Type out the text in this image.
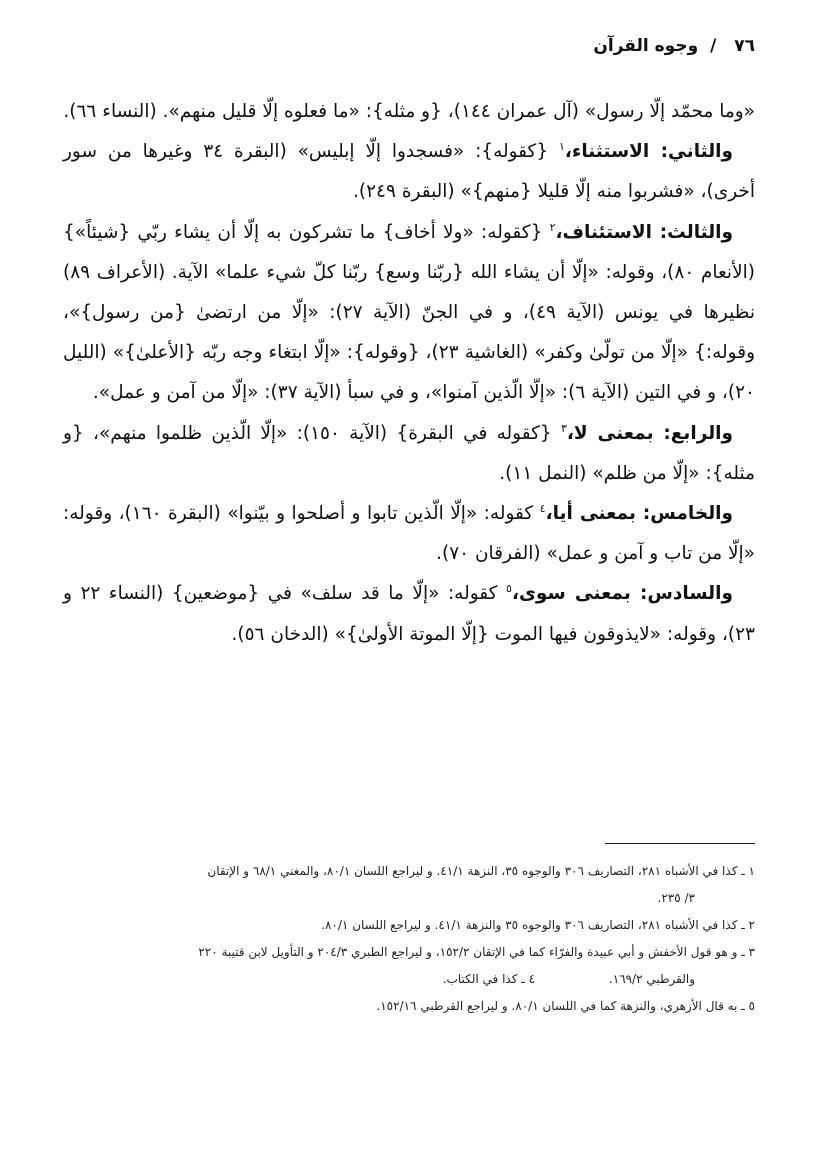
٧٦ / وجوه القرآن

«وما محمّد إلّا رسول» (آل عمران ١٤٤)، {و مثله}: «ما فعلوه إلّا قليل منهم». (النساء ٦٦).

والثاني: الاستثناء،$^١$ {كقوله}: «فسجدوا إلّا إبليس» (البقرة ٣٤ وغيرها من سور أخرى)، «فشربوا منه إلّا قليلا {منهم}» (البقرة ٢٤٩).

والثالث: الاستئناف،$^٢$ {كقوله: «ولا أخاف} ما تشركون به إلّا أن يشاء ربّي {شيئاً»} (الأنعام ٨٠)، وقوله: «إلّا أن يشاء الله {ربّنا وسع} ربّنا كلّ شيء علما» الآية. (الأعراف ٨٩) نظيرها في يونس (الآية ٤٩)، و في الجنّ (الآية ٢٧): «إلّا من ارتضىٰ {من رسول}»، وقوله:} «إلّا من تولّىٰ وكفر» (الغاشية ٢٣)، {وقوله}: «إلّا ابتغاء وجه ربّه {الأعلىٰ}» (الليل ٢٠)، و في التين (الآية ٦): «إلّا الّذين آمنوا»، و في سبأ (الآية ٣٧): «إلّا من آمن و عمل».

والرابع: بمعنى لا،$^٣$ {كقوله في البقرة} (الآية ١٥٠): «إلّا الّذين ظلموا منهم»، {و مثله}: «إلّا من ظلم» (النمل ١١).

والخامس: بمعنى أيا،$^٤$ كقوله: «إلّا الّذين تابوا و أصلحوا و بيّنوا» (البقرة ١٦٠)، وقوله: «إلّا من تاب و آمن و عمل» (الفرقان ٧٠).

والسادس: بمعنى سوى،$^٥$ كقوله: «إلّا ما قد سلف» في {موضعين} (النساء ٢٢ و ٢٣)، وقوله: «لايذوقون فيها الموت {إلّا الموتة الأولىٰ}» (الدخان ٥٦).

١ ـ كذا في الأشباه ٢٨١، التصاريف ٣٠٦ والوجوه ٣٥، النزهة ٤١/١. و ليراجع اللسان ٨٠/١، والمغني ٦٨/١ و الإتقان

٣/ ٢٣٥.

٢ ـ كذا في الأشباه ٢٨١، التصاريف ٣٠٦ والوجوه ٣٥ والنزهة ٤١/١. و ليراجع اللسان ٨٠/١.

٣ ـ و هو قول الأخفش و أبي عبيدة والفرّاء كما في الإتقان ١٥٢/٢، و ليراجع الطبري ٢٠٤/٣ و التأويل لابن قتيبة ٢٢٠

والقرطبي ١٦٩/٢. ٤ ـ كذا في الكتاب.

٥ ـ به قال الأزهري، والنزهة كما في اللسان ٨٠/١. و ليراجع القرطبي ١٥٢/١٦.
